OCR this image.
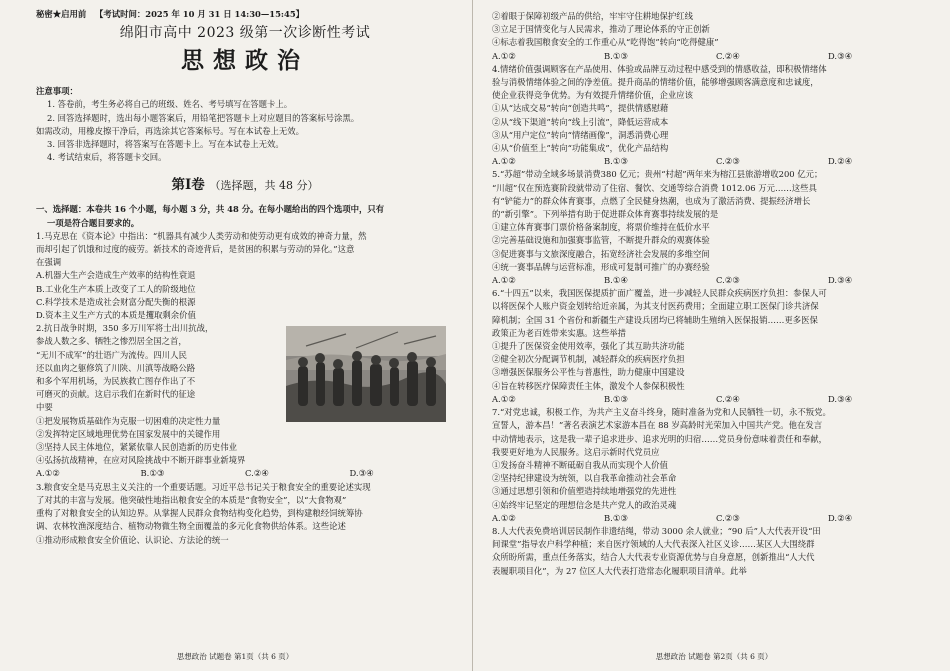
秘密★启用前 【考试时间：2025 年 10 月 31 日 14:30—15:45】

绵阳市高中 2023 级第一次诊断性考试
思想政治

注意事项：

1. 答卷前，考生务必将自己的班级、姓名、考号填写在答题卡上。

2. 回答选择题时，选出每小题答案后，用铅笔把答题卡上对应题目的答案标号涂黑。

如需改动，用橡皮擦干净后，再选涂其它答案标号。写在本试卷上无效。

3. 回答非选择题时，将答案写在答题卡上。写在本试卷上无效。

4. 考试结束后，将答题卡交回。

第Ⅰ卷 （选择题，共 48 分）

一、选择题：本卷共 16 个小题，每小题 3 分，共 48 分。在每小题给出的四个选项中，只有

一项是符合题目要求的。

1.马克思在《资本论》中指出：“机器具有减少人类劳动和使劳动更有成效的神奇力量，然

而却引起了饥饿和过度的疲劳。新技术的奇迹背后，是贫困的积累与劳动的异化。”这意

在强调

A.机器大生产会造成生产效率的结构性衰退

B.工业化生产本质上改变了工人的阶级地位

C.科学技术是造成社会财富分配失衡的根源

D.资本主义生产方式的本质是攫取剩余价值

2.抗日战争时期，350 多万川军将士出川抗战，

参战人数之多、牺牲之惨烈居全国之首，

“无川不成军”的壮语广为流传。四川人民

还以血肉之躯修筑了川陕、川滇等战略公路

和多个军用机场，为民族救亡图存作出了不

可磨灭的贡献。这启示我们在新时代的征途

中要

①把发展物质基础作为克服一切困难的决定性力量

②发挥特定区域地理优势在国家发展中的关键作用

③坚持人民主体地位，紧紧依靠人民创造新的历史伟业

④弘扬抗战精神，在应对风险挑战中不断开辟事业新境界

A.①②	B.①③	C.②④	D.③④

3.粮食安全是马克思主义关注的一个重要话题。习近平总书记关于粮食安全的重要论述实现

了对其的丰富与发展。他突破性地指出粮食安全的本质是“食物安全”，以“大食物观”

重构了对粮食安全的认知边界。从掌握人民群众食物结构变化趋势，到构建粮经饲统筹协

调、农林牧渔深度结合、植物动物微生物全面覆盖的多元化食物供给体系。这些论述

①推动形成粮食安全价值论、认识论、方法论的统一

思想政治 试题卷 第1页（共 6 页）

②着眼于保障初级产品的供给，牢牢守住耕地保护红线

③立足于国情变化与人民需求，推动了理论体系的守正创新

④标志着我国粮食安全的工作重心从“吃得饱”转向“吃得健康”

A.①②	B.①③	C.②④	D.③④

4.情绪价值强调顾客在产品使用、体验或品牌互动过程中感受到的情感收益，即积极情绪体

验与消极情绪体验之间的净差值。提升商品的情绪价值，能够增强顾客满意度和忠诚度，

使企业获得竞争优势。为有效提升情绪价值，企业应该

①从“达成交易”转向“创造共鸣”，提供情感慰藉

②从“线下渠道”转向“线上引流”，降低运营成本

③从“用户定位”转向“情绪画像”，洞悉消费心理

④从“价值至上”转向“功能集成”，优化产品结构

A.①②	B.①③	C.②③	D.②④

5.“苏超”带动全域多场景消费380 亿元；贵州“村超”两年来为榕江县旅游增收200 亿元；

“川超”仅在预选赛阶段就带动了住宿、餐饮、交通等综合消费 1012.06 万元……这些具

有“铲能力”的群众体育赛事，点燃了全民健身热潮，也成为了激活消费、提振经济增长

的“新引擎”。下列举措有助于促进群众体育赛事持续发展的是

①建立体育赛事门票价格备案制度，将票价维持在低价水平

②完善基础设施和加强赛事监管，不断提升群众的观赛体验

③促进赛事与文旅深度融合，拓宽经济社会发展的多维空间

④统一赛事品牌与运营标准，形成可复制可推广的办赛经验

A.①②	B.①④	C.②③	D.③④

6.“十四五”以来，我国医保提质扩面广覆盖，进一步减轻人民群众疾病医疗负担：参保人可

以将医保个人账户资金划转给近亲属，为其支付医药费用；全面建立职工医保门诊共济保

障机制；全国 31 个省份和新疆生产建设兵团均已将辅助生殖纳入医保报销……更多医保

政策正为老百姓带来实惠。这些举措

①提升了医保资金使用效率，强化了其互助共济功能

②健全初次分配调节机制，减轻群众的疾病医疗负担

③增强医保服务公平性与普惠性，助力健康中国建设

④旨在转移医疗保障责任主体，激发个人参保积极性

A.①②	B.①③	C.②④	D.③④

7.“对党忠诚，积极工作，为共产主义奋斗终身，随时准备为党和人民牺牲一切，永不叛党。

宣誓人，游本昌！”著名表演艺术家游本昌在 88 岁高龄时光荣加入中国共产党。他在发言

中动情地表示，这是我一辈子追求进步、追求光明的归宿……党员身份意味着责任和奉献，

我要更好地为人民服务。这启示新时代党员应

①发扬奋斗精神不断砥砺自我从而实现个人价值

②坚持纪律建设为统领，以自我革命推动社会革命

③通过思想引领和价值塑造持续地增强党的先进性

④始终牢记坚定的理想信念是共产党人的政治灵魂

A.①②	B.①③	C.②③	D.②④

8.人大代表免费培训居民制作非遗结绳，带动 3000 余人就业；“90 后”人大代表开设“田

间课堂”指导农户科学种植；来自医疗领域的人大代表深入社区义诊……某区人大围绕群

众所盼所需，重点任务落实，结合人大代表专业资源优势与自身意愿，创新推出“人大代

表履职项目化”，为 27 位区人大代表打造常态化履职项目清单。此举

思想政治 试题卷 第2页（共 6 页）
